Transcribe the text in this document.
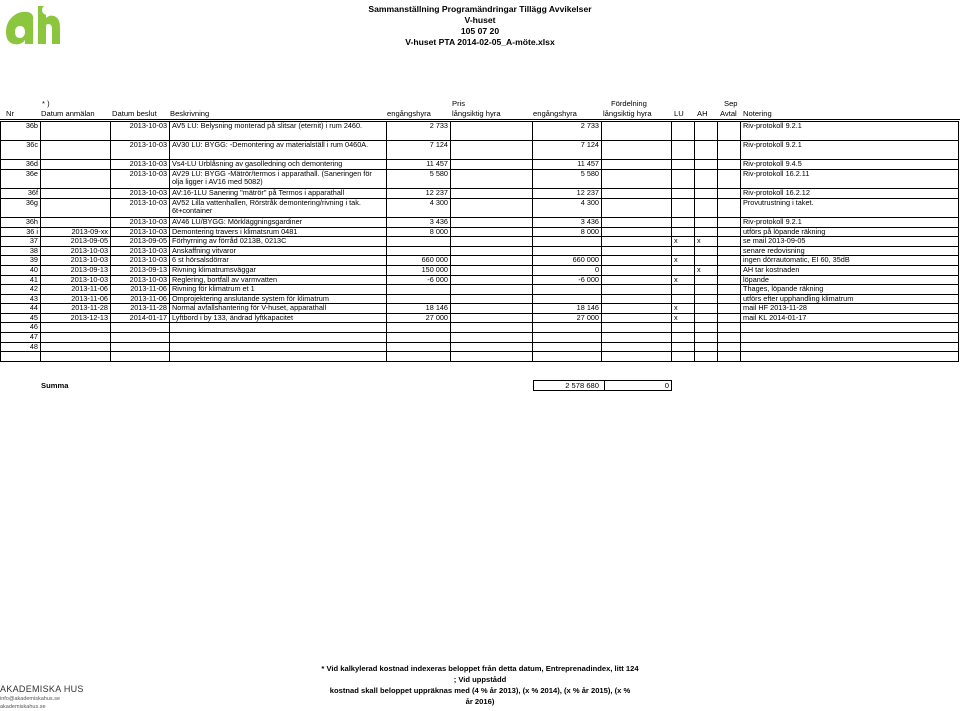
Sammanställning Programändringar Tillägg Avvikelser
V-huset
105 07 20
V-huset PTA 2014-02-05_A-möte.xlsx
* )	Pris	Fördelning	Sep
Nr	Datum anmälan Datum beslut Beskrivning	engångshyra	långsiktig hyra	engångshyra	långsiktig hyra	LU AH Avtal Notering
36b		2013-10-03	AV5 LU: Belysning monterad på slitsar (eternit) i rum 2460.	2 733		2 733					Riv-protokoll 9.2.1
36c		2013-10-03	AV30 LU: BYGG: -Demontering av materialställ i rum 0460A.	7 124		7 124					Riv-protokoll 9.2.1
36d		2013-10-03	Vs4-LU Urblåsning av gasolledning och demontering	11 457		11 457					Riv-protokoll 9.4.5
36e		2013-10-03	AV29 LU: BYGG -Mätrör/termos i apparathall. (Saneringen för olja ligger i AV16 med 5082)	5 580		5 580					Riv-protokoll 16.2.11
36f		2013-10-03	AV:16-1LU Sanering "mätrör" på Termos i apparathall	12 237		12 237					Riv-protokoll 16.2.12
36g		2013-10-03	AV52 Lilla vattenhallen, Rörstråk demontering/rivning i tak. 6t+container	4 300		4 300					Provutrustning i taket.
36h		2013-10-03	AV46 LU/BYGG: Mörkläggningsgardiner	3 436		3 436					Riv-protokoll 9.2.1
36 i	2013-09-xx	2013-10-03	Demontering travers i klimatsrum 0481	8 000		8 000					utförs på löpande räkning
37	2013-09-05	2013-09-05	Förhyrning av förråd 0213B, 0213C					x	x		se mail 2013-09-05
38	2013-10-03	2013-10-03	Anskaffning vitvaror								senare redovisning
39	2013-10-03	2013-10-03	6 st hörsalsdörrar	660 000		660 000		x			ingen dörrautomatic, EI 60, 35dB
40	2013-09-13	2013-09-13	Rivning klimatrumsväggar	150 000		0			x		AH tar kostnaden
41	2013-10-03	2013-10-03	Reglering, bortfall av varmvatten	-6 000		-6 000		x			löpande
42	2013-11-06	2013-11-06	Rivning för klimatrum et 1								Thages, löpande räkning
43	2013-11-06	2013-11-06	Omprojektering anslutande system för klimatrum								utförs efter upphandling klimatrum
44	2013-11-28	2013-11-28	Normal avfallshantering för V-huset, apparathall	18 146		18 146		x			mail HF 2013-11-28
45	2013-12-13	2014-01-17	Lyftbord i by 133, ändrad lyftkapacitet	27 000		27 000		x			mail KL 2014-01-17
46											
47											
48											

Summa	2 578 680	0
* Vid kalkylerad kostnad indexeras beloppet från detta datum, Entreprenadindex, litt 124
; Vid uppstådd
kostnad skall beloppet uppräknas med (4 % år 2013), (x % 2014), (x % år 2015), (x %
år 2016)
AKADEMISKA HUS
info@akademiskahus.se
akademiskahus.se
